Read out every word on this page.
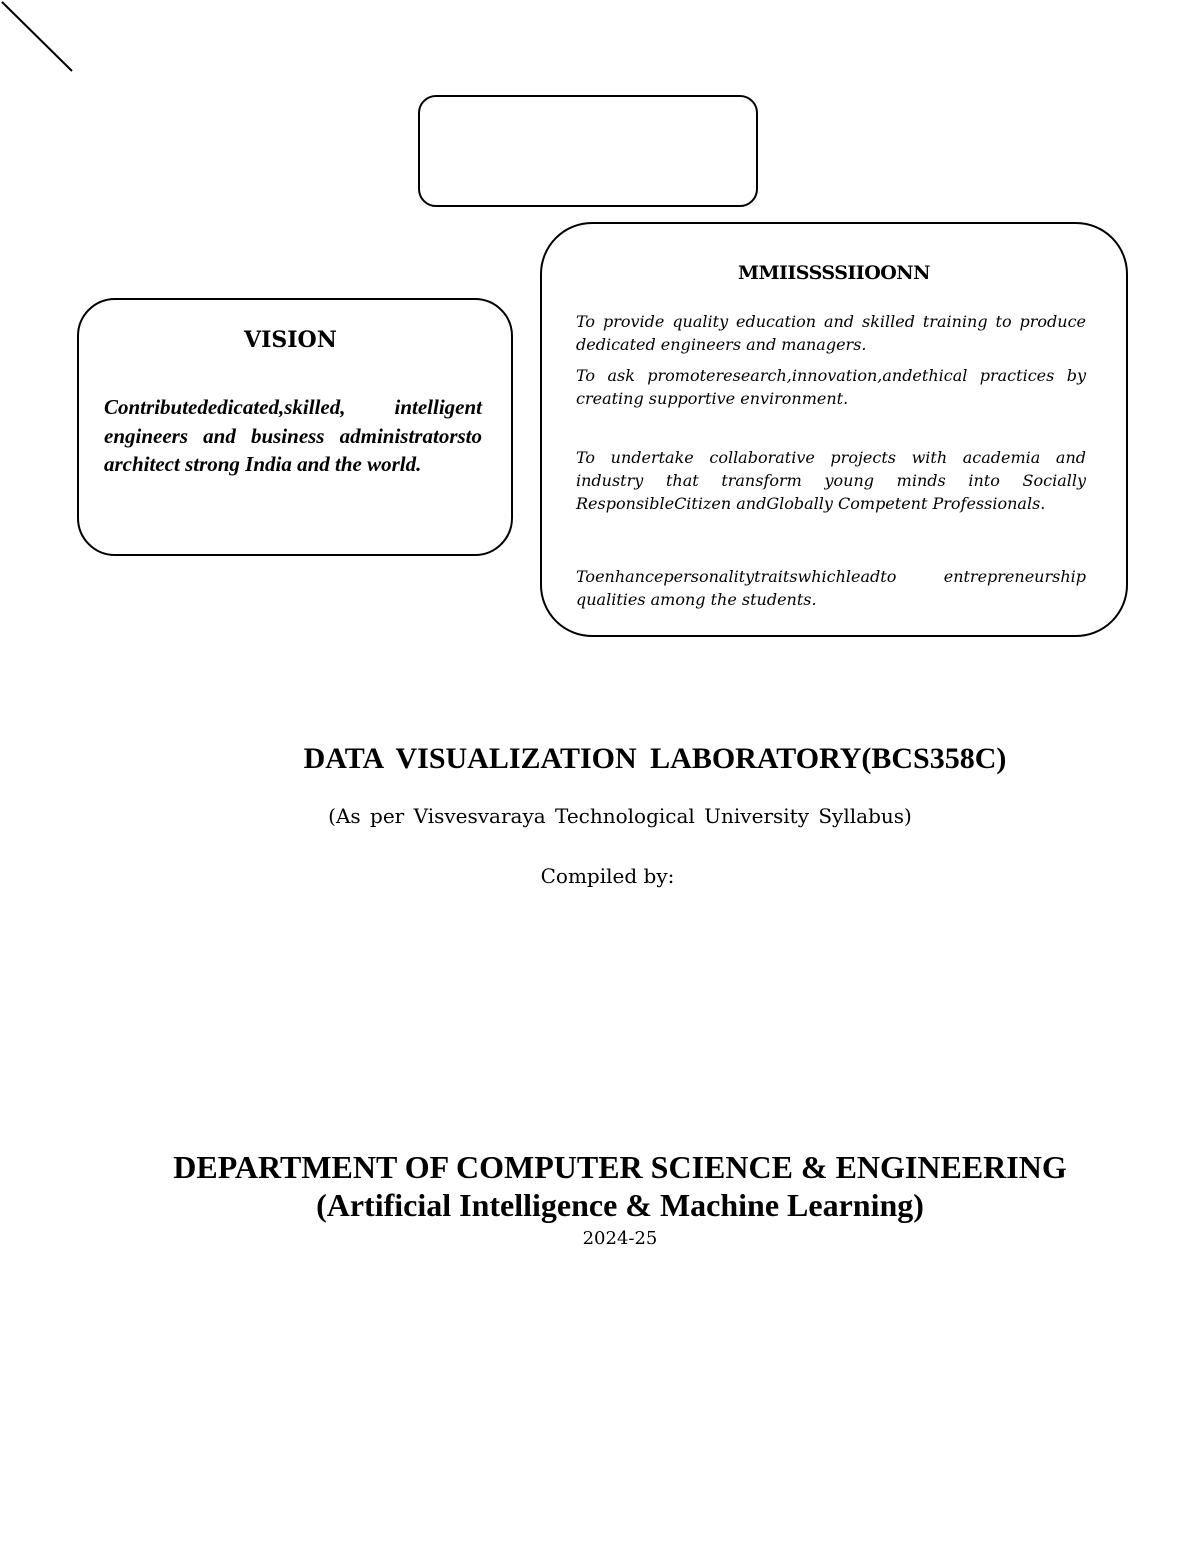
VISION
Contributededicated,skilled, intelligent engineers and business administratorsto architect strong India and the world.
MMIISSSSIIOONN
To provide quality education and skilled training to produce dedicated engineers and managers.
To ask promoteresearch,innovation,andethical practices by creating supportive environment.
To undertake collaborative projects with academia and industry that transform young minds into Socially ResponsibleCitizen andGlobally Competent Professionals.
Toenhancepersonalitytraitswhichleadto entrepreneurship qualities among the students.
DATA VISUALIZATION LABORATORY(BCS358C)
(As per Visvesvaraya Technological University Syllabus)
Compiled by:
DEPARTMENT OF COMPUTER SCIENCE & ENGINEERING
(Artificial Intelligence & Machine Learning)
2024-25
